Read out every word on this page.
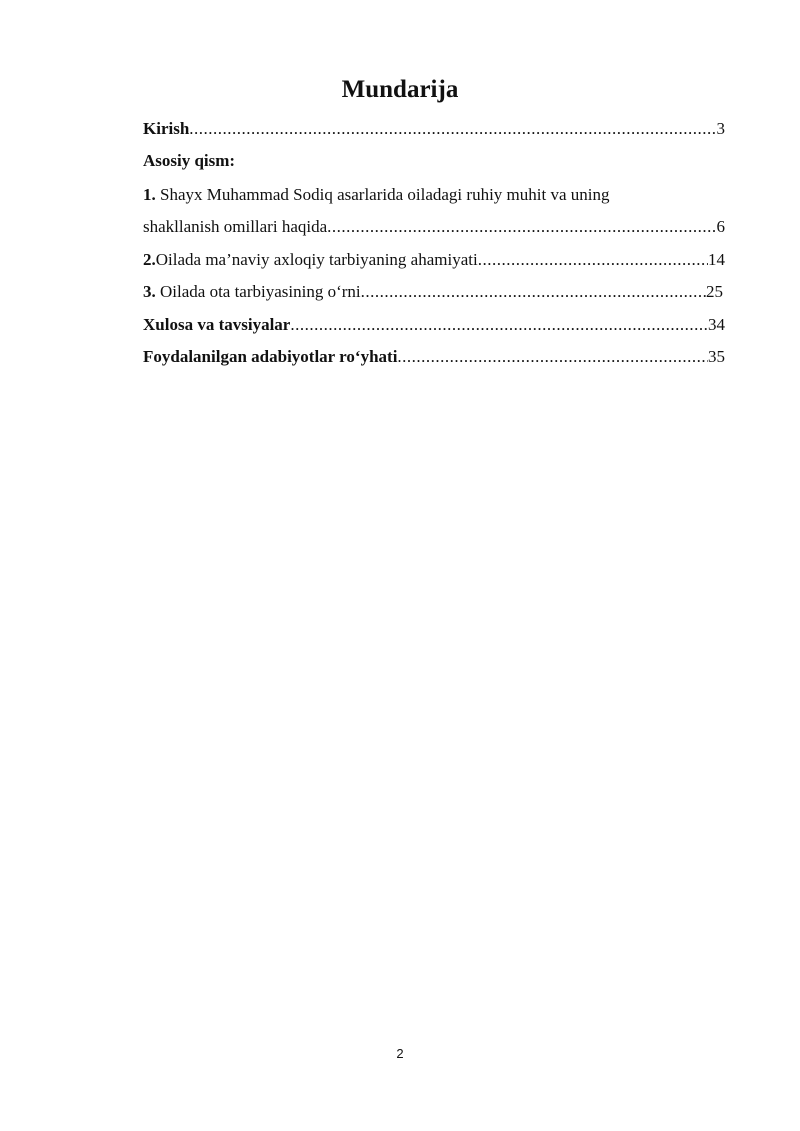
Mundarija
Kirish .....	3
Asosiy qism:
1. Shayx Muhammad Sodiq asarlarida oiladagi ruhiy muhit va uning
shakllanish omillari haqida .....	6
2.Oilada ma’naviy axloqiy tarbiyaning ahamiyati .....	14
3. Oilada ota tarbiyasining o‘rni .....	25
Xulosa va tavsiyalar .....	34
Foydalanilgan adabiyotlar ro‘yhati .....	35
2
